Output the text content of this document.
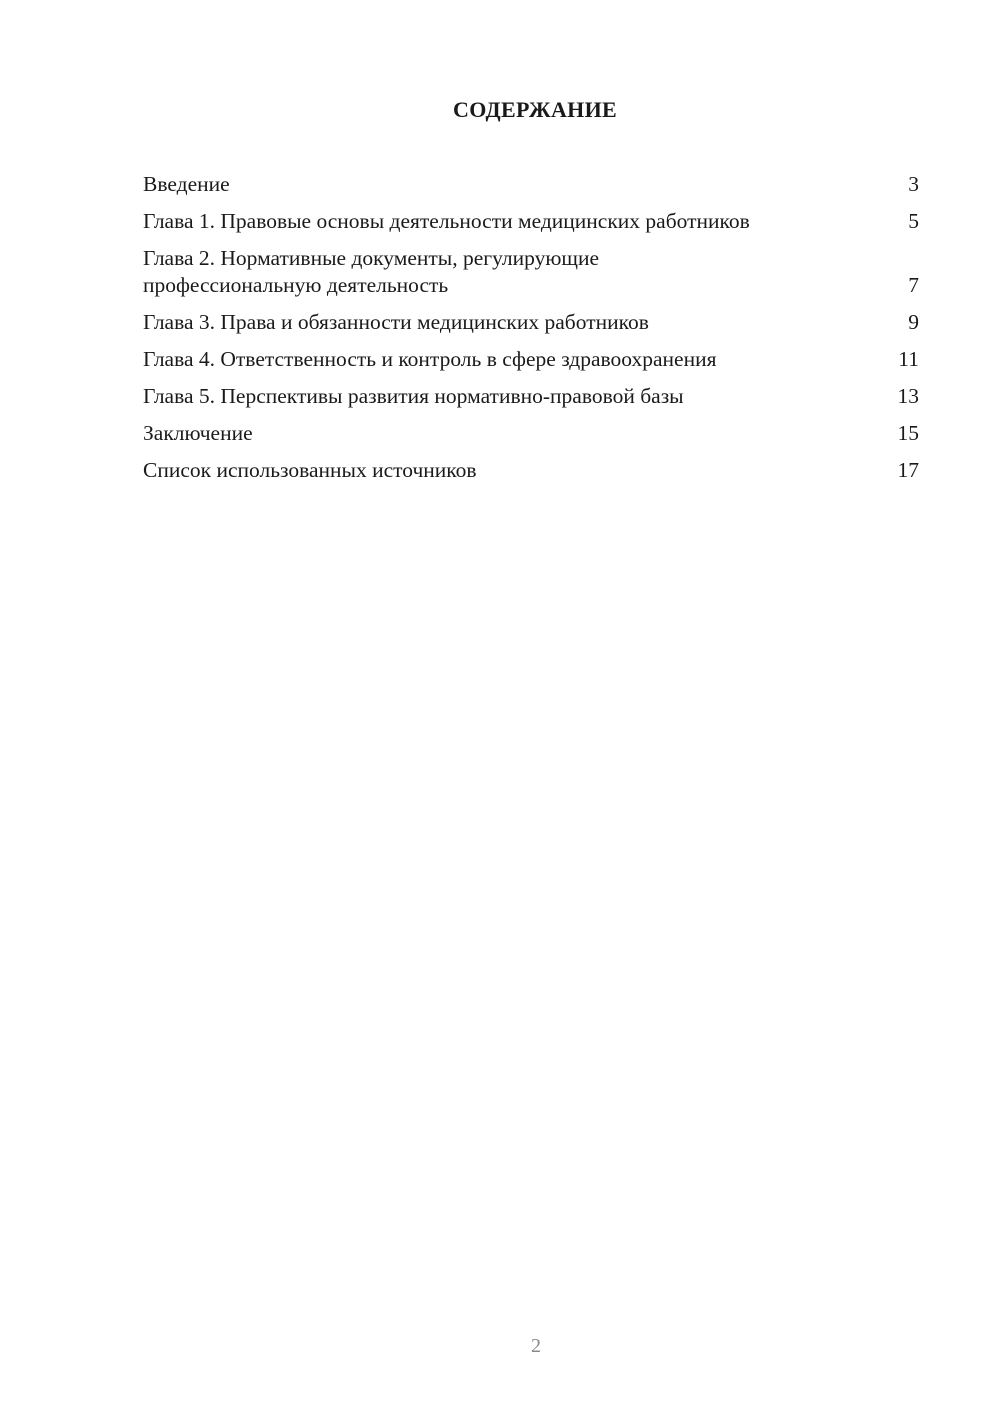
СОДЕРЖАНИЕ
Введение	3
Глава 1. Правовые основы деятельности медицинских работников	5
Глава 2. Нормативные документы, регулирующие профессиональную деятельность	7
Глава 3. Права и обязанности медицинских работников	9
Глава 4. Ответственность и контроль в сфере здравоохранения	11
Глава 5. Перспективы развития нормативно-правовой базы	13
Заключение	15
Список использованных источников	17
2
